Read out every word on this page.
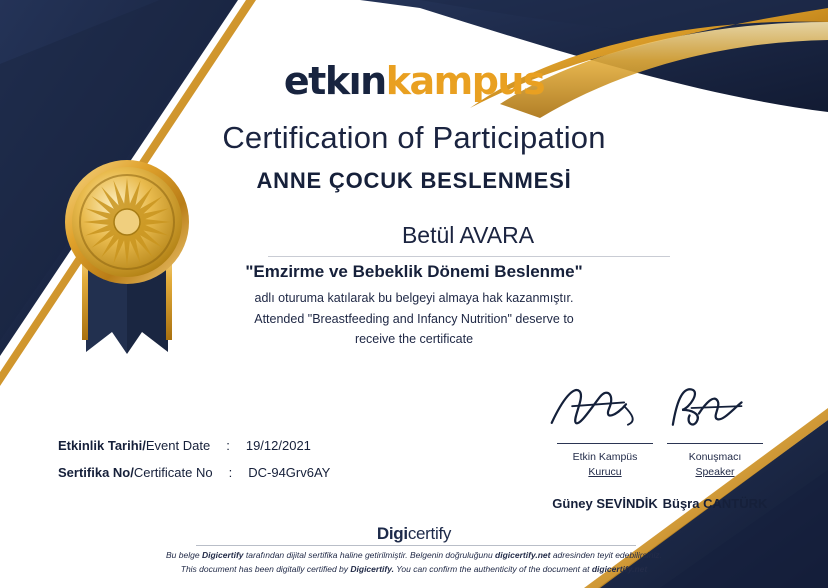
etkınkampus
Certification of Participation
ANNE ÇOCUK BESLENMESİ
Betül AVARA
"Emzirme ve Bebeklik Dönemi Beslenme"
adlı oturuma katılarak bu belgeyi almaya hak kazanmıştır.
Attended "Breastfeeding and Infancy Nutrition" deserve to
receive the certificate
Etkinlik Tarihi/ Event Date : 19/12/2021
Sertifika No/ Certificate No : DC-94Grv6AY
Etkin Kampüs
Kurucu
Güney SEVİNDİK
Konuşmacı
Speaker
Büşra CANTÜRK
Digicertify
Bu belge Digicertify tarafından dijital sertifika haline getirilmiştir. Belgenin doğruluğunu digicertify.net adresinden teyit edebilirsiniz.
This document has been digitally certified by Digicertify. You can confirm the authenticity of the document at digicertify.net
